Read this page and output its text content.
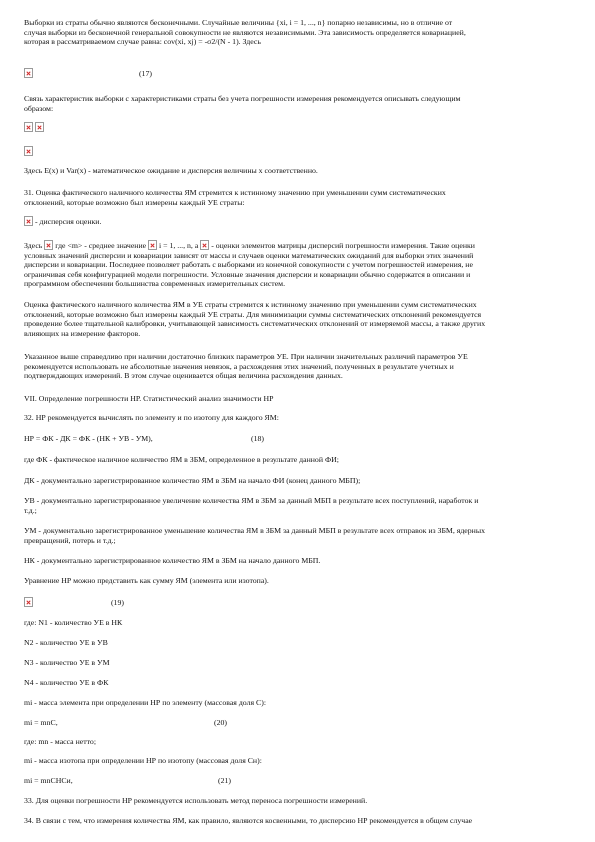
Выборки из страты обычно являются бесконечными. Случайные величины {xi, i = 1, ..., n} попарно независимы, но в отличие от
случая выборки из бесконечной генеральной совокупности не являются независимыми. Эта зависимость определяется ковариацией,
которая в рассматриваемом случае равна: cov(xi, xj) = -σ2/(N - 1). Здесь
(17)
Связь характеристик выборки с характеристиками страты без учета погрешности измерения рекомендуется описывать следующим
образом:

Здесь E(x) и Var(x) - математическое ожидание и дисперсия величины x соответственно.
31. Оценка фактического наличного количества ЯМ стремится к истинному значению при уменьшении сумм систематических
отклонений, которые возможно был измерены каждый УЕ страты:
- дисперсия оценки.
Здесь  где <m> - среднее значение  i = 1, ..., n, а  - оценки элементов матрицы дисперсий погрешности измерения. Такие оценки
условных значений дисперсии и ковариации зависят от массы и случаев оценки математических ожиданий для выборки этих значений
дисперсии и ковариации. Последнее позволяет работать с выборками из конечной совокупности с учетом погрешностей измерения, не
ограничивая себя конфигурацией модели погрешности. Условные значения дисперсии и ковариации обычно содержатся в описании и
программном обеспечении большинства современных измерительных систем.
Оценка фактического наличного количества ЯМ в УЕ страты стремится к истинному значению при уменьшении сумм систематических
отклонений, которые возможно был измерены каждый УЕ страты. Для минимизации суммы систематических отклонений рекомендуется
проведение более тщательной калибровки, учитывающей зависимость систематических отклонений от измеряемой массы, а также других
влияющих на измерение факторов.
Указанное выше справедливо при наличии достаточно близких параметров УЕ. При наличии значительных различий параметров УЕ
рекомендуется использовать не абсолютные значения невязок, а расхождения этих значений, полученных в результате учетных и
подтверждающих измерений. В этом случае оценивается общая величина расхождения данных.
VII. Определение погрешности НР. Статистический анализ значимости НР
32. НР рекомендуется вычислять по элементу и по изотопу для каждого ЯМ:
НР = ФК - ДК = ФК - (НК + УВ - УМ),	(18)
где ФК - фактическое наличное количество ЯМ в ЗБМ, определенное в результате данной ФИ;
ДК - документально зарегистрированное количество ЯМ в ЗБМ на начало ФИ (конец данного МБП);
УВ - документально зарегистрированное увеличение количества ЯМ в ЗБМ за данный МБП в результате всех поступлений, наработок и
т.д.;
УМ - документально зарегистрированное уменьшение количества ЯМ в ЗБМ за данный МБП в результате всех отправок из ЗБМ, ядерных
превращений, потерь и т.д.;
НК - документально зарегистрированное количество ЯМ в ЗБМ на начало данного МБП.
Уравнение НР можно представить как сумму ЯМ (элемента или изотопа).
(19)
где: N1 - количество УЕ в НК
N2 - количество УЕ в УВ
N3 - количество УЕ в УМ
N4 - количество УЕ в ФК
mi - масса элемента при определении НР по элементу (массовая доля С):
mi = mnС,	(20)
где: mn - масса нетто;
mi - масса изотопа при определении НР по изотопу (массовая доля Сн):
mi = mnСНСи,	(21)
33. Для оценки погрешности НР рекомендуется использовать метод переноса погрешности измерений.
34. В связи с тем, что измерения количества ЯМ, как правило, являются косвенными, то дисперсию НР рекомендуется в общем случае
